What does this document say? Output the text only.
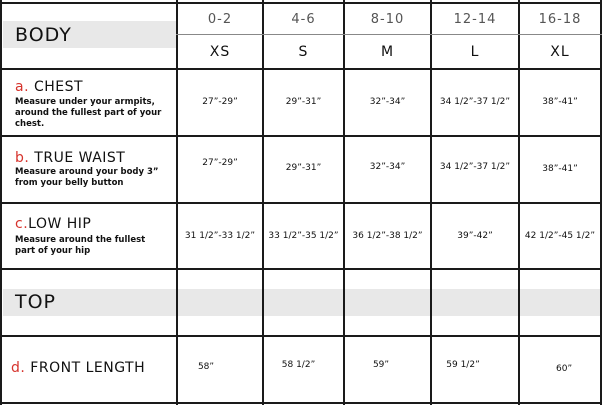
BODY
TOP
0-2	4-6	8-10	12-14	16-18
XS	S	M	L	XL
a. CHEST
Measure under your armpits, around the fullest part of your chest.
27”-29”	29”-31”	32”-34”	34 1/2”-37 1/2”	38”-41”
b. TRUE WAIST
Measure around your body 3” from your belly button
27”-29”	29”-31”	32”-34”	34 1/2”-37 1/2”	38”-41”
c.LOW HIP
Measure around the fullest part of your hip
31 1/2”-33 1/2”	33 1/2”-35 1/2”	36 1/2”-38 1/2”	39”-42”	42 1/2”-45 1/2”
d. FRONT LENGTH	58”	58 1/2”	59”	59 1/2”	60”
